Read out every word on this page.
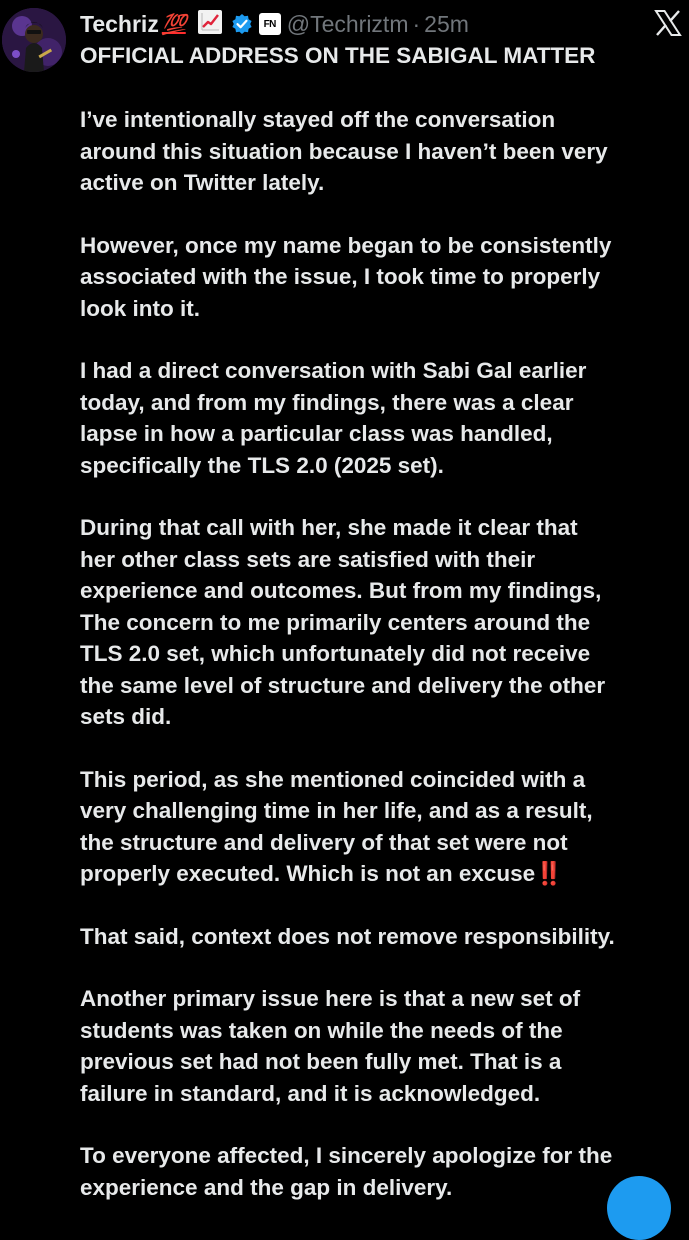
Techriz 💯	FN @Techriztm · 25m
OFFICIAL ADDRESS ON THE SABIGAL MATTER

I’ve intentionally stayed off the conversation
around this situation because I haven’t been very
active on Twitter lately.

However, once my name began to be consistently
associated with the issue, I took time to properly
look into it.

I had a direct conversation with Sabi Gal earlier
today, and from my findings, there was a clear
lapse in how a particular class was handled,
specifically the TLS 2.0 (2025 set).

During that call with her, she made it clear that
her other class sets are satisfied with their
experience and outcomes. But from my findings,
The concern to me primarily centers around the
TLS 2.0 set, which unfortunately did not receive
the same level of structure and delivery the other
sets did.

This period, as she mentioned coincided with a
very challenging time in her life, and as a result,
the structure and delivery of that set were not
properly executed. Which is not an excuse‼️

That said, context does not remove responsibility.

Another primary issue here is that a new set of
students was taken on while the needs of the
previous set had not been fully met. That is a
failure in standard, and it is acknowledged.

To everyone affected, I sincerely apologize for the
experience and the gap in delivery.
